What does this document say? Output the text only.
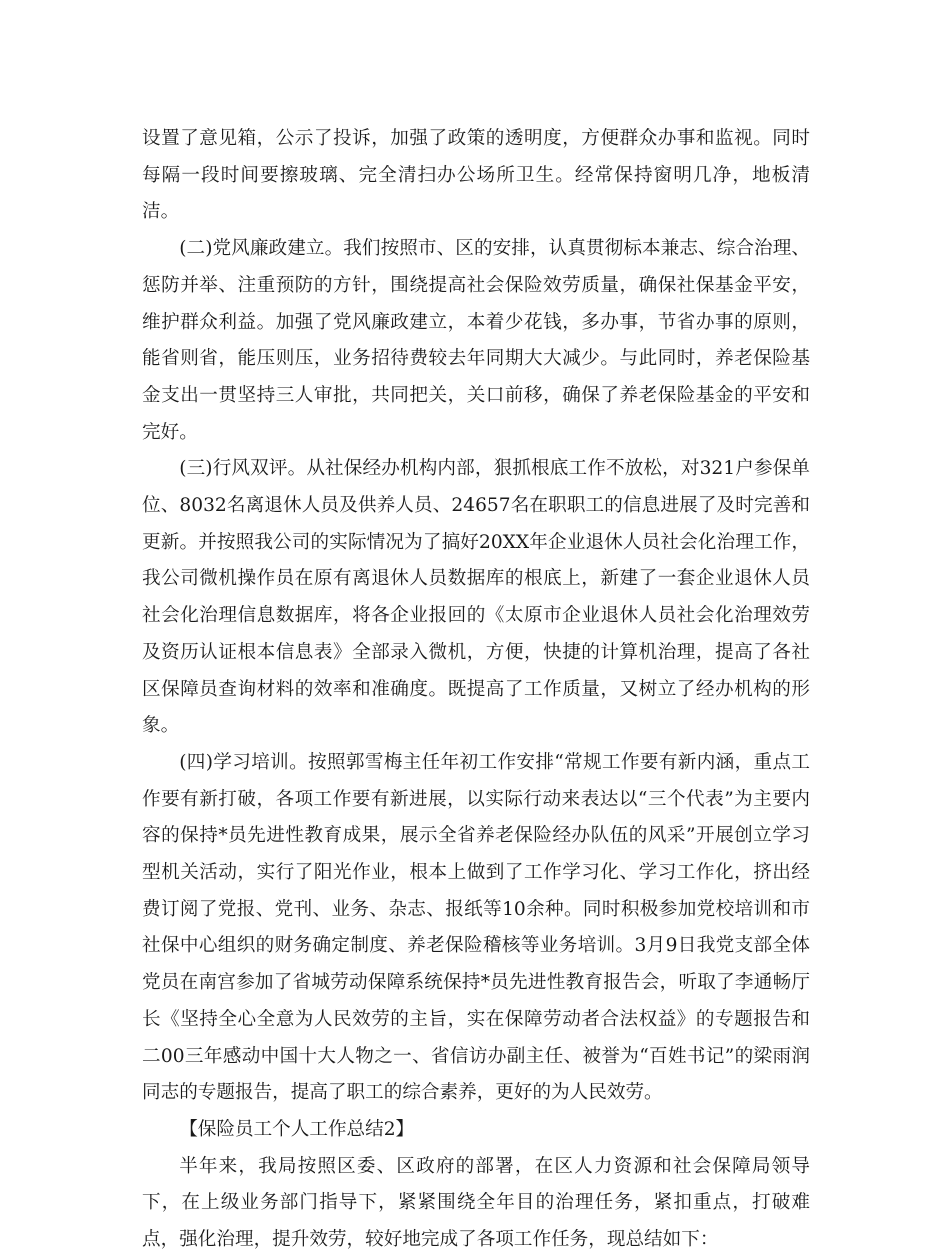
设置了意见箱，公示了投诉，加强了政策的透明度，方便群众办事和监视。同时每隔一段时间要擦玻璃、完全清扫办公场所卫生。经常保持窗明几净，地板清洁。

(二)党风廉政建立。我们按照市、区的安排，认真贯彻标本兼志、综合治理、惩防并举、注重预防的方针，围绕提高社会保险效劳质量，确保社保基金平安，维护群众利益。加强了党风廉政建立，本着少花钱，多办事，节省办事的原则，能省则省，能压则压，业务招待费较去年同期大大减少。与此同时，养老保险基金支出一贯坚持三人审批，共同把关，关口前移，确保了养老保险基金的平安和完好。

(三)行风双评。从社保经办机构内部，狠抓根底工作不放松，对321户参保单位、8032名离退休人员及供养人员、24657名在职职工的信息进展了及时完善和更新。并按照我公司的实际情况为了搞好20XX年企业退休人员社会化治理工作，我公司微机操作员在原有离退休人员数据库的根底上，新建了一套企业退休人员社会化治理信息数据库，将各企业报回的《太原市企业退休人员社会化治理效劳及资历认证根本信息表》全部录入微机，方便，快捷的计算机治理，提高了各社区保障员查询材料的效率和准确度。既提高了工作质量，又树立了经办机构的形象。

(四)学习培训。按照郭雪梅主任年初工作安排“常规工作要有新内涵，重点工作要有新打破，各项工作要有新进展，以实际行动来表达以“三个代表”为主要内容的保持*员先进性教育成果，展示全省养老保险经办队伍的风采”开展创立学习型机关活动，实行了阳光作业，根本上做到了工作学习化、学习工作化，挤出经费订阅了党报、党刊、业务、杂志、报纸等10余种。同时积极参加党校培训和市社保中心组织的财务确定制度、养老保险稽核等业务培训。3月9日我党支部全体党员在南宫参加了省城劳动保障系统保持*员先进性教育报告会，听取了李通畅厅长《坚持全心全意为人民效劳的主旨，实在保障劳动者合法权益》的专题报告和二00三年感动中国十大人物之一、省信访办副主任、被誉为“百姓书记”的梁雨润同志的专题报告，提高了职工的综合素养，更好的为人民效劳。

【保险员工个人工作总结2】

半年来，我局按照区委、区政府的部署，在区人力资源和社会保障局领导下，在上级业务部门指导下，紧紧围绕全年目的治理任务，紧扣重点，打破难点，强化治理，提升效劳，较好地完成了各项工作任务，现总结如下：
